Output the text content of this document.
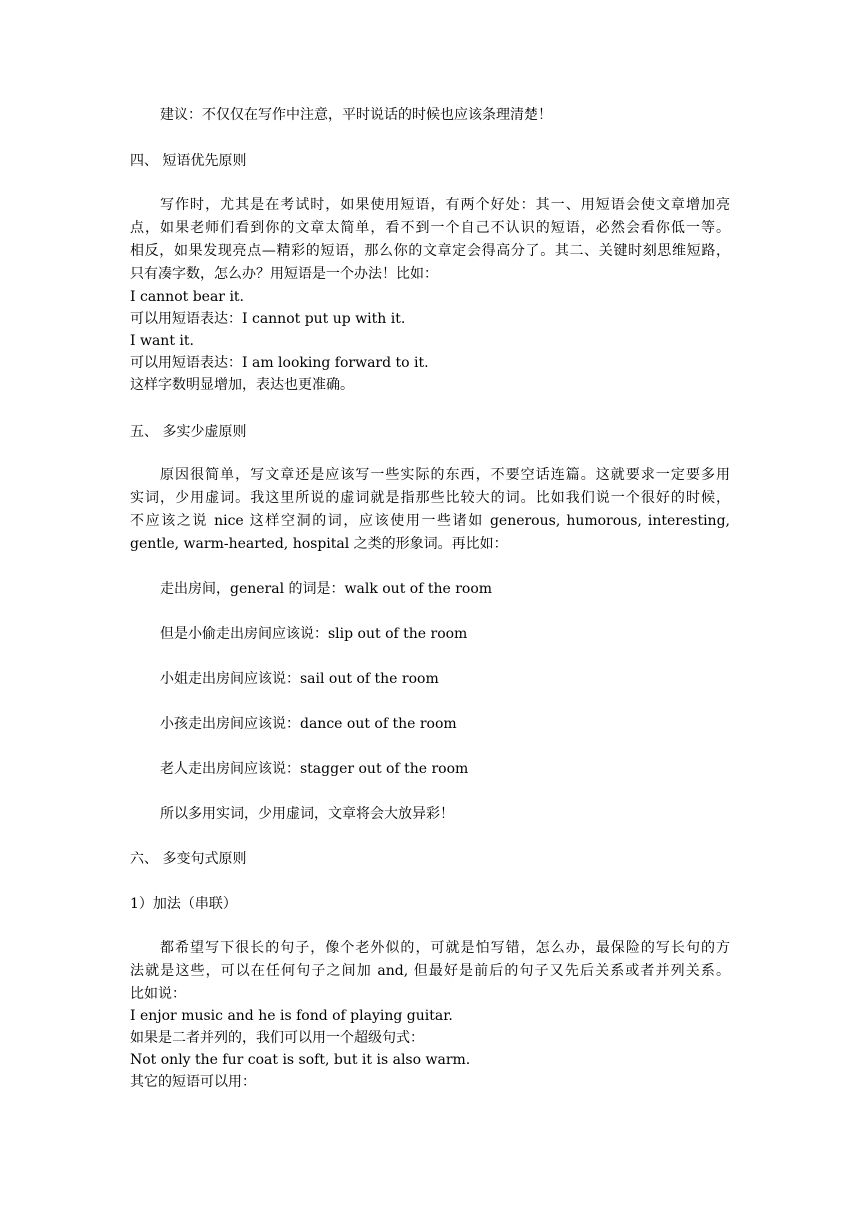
建议：不仅仅在写作中注意，平时说话的时候也应该条理清楚！
四、 短语优先原则
写作时，尤其是在考试时，如果使用短语，有两个好处：其一、用短语会使文章增加亮
点，如果老师们看到你的文章太简单，看不到一个自己不认识的短语，必然会看你低一等。
相反，如果发现亮点—精彩的短语，那么你的文章定会得高分了。其二、关键时刻思维短路，
只有凑字数，怎么办？用短语是一个办法！比如：
I cannot bear it.
可以用短语表达：I cannot put up with it.
I want it.
可以用短语表达：I am looking forward to it.
这样字数明显增加，表达也更准确。
五、 多实少虚原则
原因很简单，写文章还是应该写一些实际的东西，不要空话连篇。这就要求一定要多用
实词，少用虚词。我这里所说的虚词就是指那些比较大的词。比如我们说一个很好的时候，
不应该之说 nice 这样空洞的词，应该使用一些诸如 generous, humorous, interesting,
gentle, warm-hearted, hospital 之类的形象词。再比如：
走出房间，general 的词是：walk out of the room
但是小偷走出房间应该说：slip out of the room
小姐走出房间应该说：sail out of the room
小孩走出房间应该说：dance out of the room
老人走出房间应该说：stagger out of the room
所以多用实词，少用虚词，文章将会大放异彩！
六、 多变句式原则
1）加法（串联）
都希望写下很长的句子，像个老外似的，可就是怕写错，怎么办，最保险的写长句的方
法就是这些，可以在任何句子之间加 and, 但最好是前后的句子又先后关系或者并列关系。
比如说：
I enjor music and he is fond of playing guitar.
如果是二者并列的，我们可以用一个超级句式：
Not only the fur coat is soft, but it is also warm.
其它的短语可以用：
